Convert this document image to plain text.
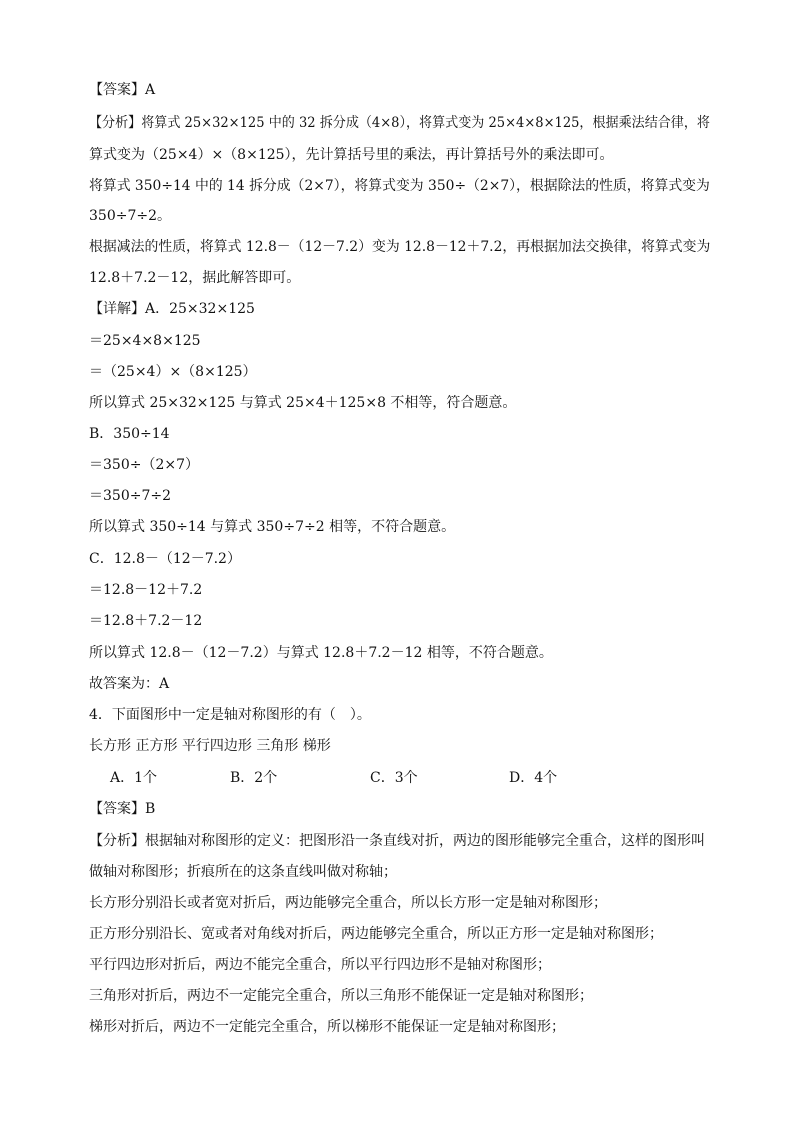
【答案】A
【分析】将算式 25×32×125 中的 32 拆分成（4×8），将算式变为 25×4×8×125，根据乘法结合律，将
算式变为（25×4）×（8×125），先计算括号里的乘法，再计算括号外的乘法即可。
将算式 350÷14 中的 14 拆分成（2×7），将算式变为 350÷（2×7），根据除法的性质，将算式变为
350÷7÷2。
根据减法的性质，将算式 12.8－（12－7.2）变为 12.8－12＋7.2，再根据加法交换律，将算式变为
12.8＋7.2－12，据此解答即可。
【详解】A．25×32×125
＝25×4×8×125
＝（25×4）×（8×125）
所以算式 25×32×125 与算式 25×4＋125×8 不相等，符合题意。
B．350÷14
＝350÷（2×7）
＝350÷7÷2
所以算式 350÷14 与算式 350÷7÷2 相等，不符合题意。
C．12.8－（12－7.2）
＝12.8－12＋7.2
＝12.8＋7.2－12
所以算式 12.8－（12－7.2）与算式 12.8＋7.2－12 相等，不符合题意。
故答案为：A
4．下面图形中一定是轴对称图形的有（　）。
长方形 正方形 平行四边形 三角形 梯形
A．1个	B．2个	C．3个	D．4个
【答案】B
【分析】根据轴对称图形的定义：把图形沿一条直线对折，两边的图形能够完全重合，这样的图形叫
做轴对称图形；折痕所在的这条直线叫做对称轴；
长方形分别沿长或者宽对折后，两边能够完全重合，所以长方形一定是轴对称图形；
正方形分别沿长、宽或者对角线对折后，两边能够完全重合，所以正方形一定是轴对称图形；
平行四边形对折后，两边不能完全重合，所以平行四边形不是轴对称图形；
三角形对折后，两边不一定能完全重合，所以三角形不能保证一定是轴对称图形；
梯形对折后，两边不一定能完全重合，所以梯形不能保证一定是轴对称图形；
